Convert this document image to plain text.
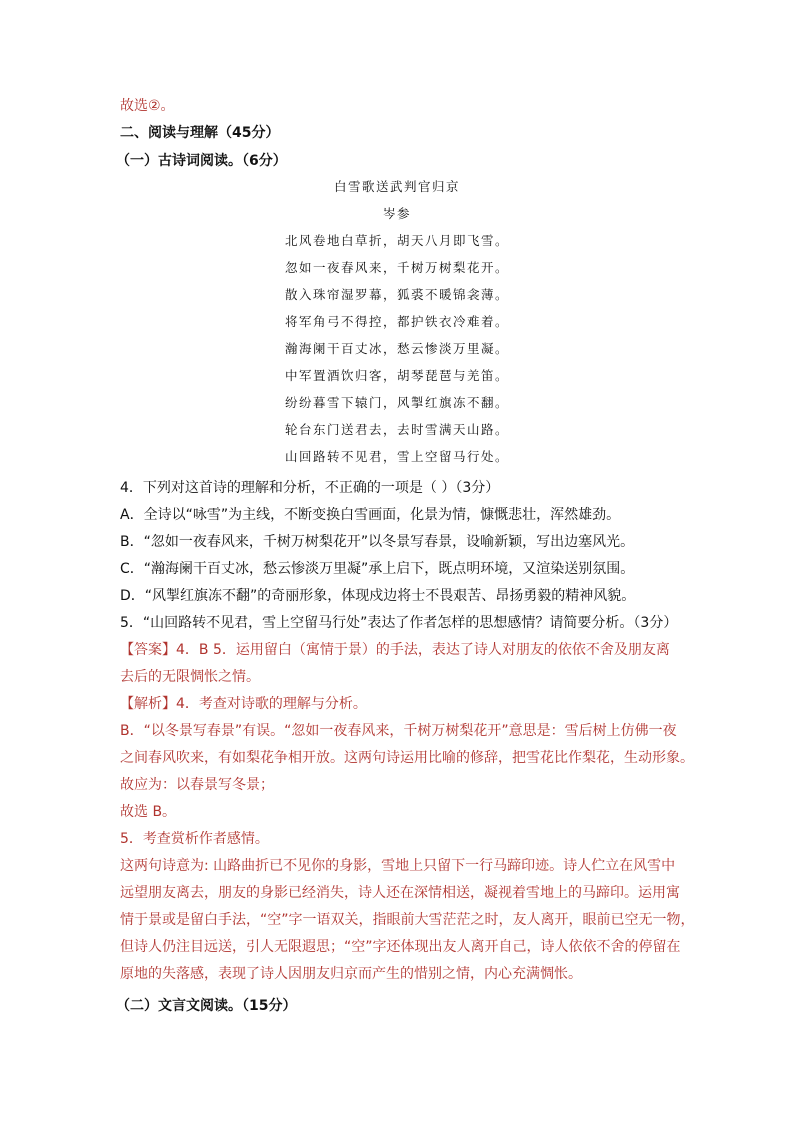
故选②。
二、阅读与理解（45分）
（一）古诗词阅读。（6分）
白雪歌送武判官归京
岑参
北风卷地白草折，胡天八月即飞雪。
忽如一夜春风来，千树万树梨花开。
散入珠帘湿罗幕，狐裘不暖锦衾薄。
将军角弓不得控，都护铁衣冷难着。
瀚海阑干百丈冰，愁云惨淡万里凝。
中军置酒饮归客，胡琴琵琶与羌笛。
纷纷暮雪下辕门，风掣红旗冻不翻。
轮台东门送君去，去时雪满天山路。
山回路转不见君，雪上空留马行处。
4．下列对这首诗的理解和分析，不正确的一项是（ ）（3分）
A．全诗以“咏雪”为主线，不断变换白雪画面，化景为情，慷慨悲壮，浑然雄劲。
B．“忽如一夜春风来，千树万树梨花开”以冬景写春景，设喻新颖，写出边塞风光。
C．“瀚海阑干百丈冰，愁云惨淡万里凝”承上启下，既点明环境，又渲染送别氛围。
D．“风掣红旗冻不翻”的奇丽形象，体现戍边将士不畏艰苦、昂扬勇毅的精神风貌。
5．“山回路转不见君，雪上空留马行处”表达了作者怎样的思想感情？请简要分析。（3分）
【答案】4．B 5．运用留白（寓情于景）的手法，表达了诗人对朋友的依依不舍及朋友离
去后的无限惆怅之情。
【解析】4．考查对诗歌的理解与分析。
B．“以冬景写春景”有误。“忽如一夜春风来，千树万树梨花开”意思是：雪后树上仿佛一夜
之间春风吹来，有如梨花争相开放。这两句诗运用比喻的修辞，把雪花比作梨花，生动形象。
故应为：以春景写冬景；
故选 B。
5．考查赏析作者感情。
这两句诗意为: 山路曲折已不见你的身影，雪地上只留下一行马蹄印迹。诗人伫立在风雪中
远望朋友离去，朋友的身影已经消失，诗人还在深情相送，凝视着雪地上的马蹄印。运用寓
情于景或是留白手法，“空”字一语双关，指眼前大雪茫茫之时，友人离开，眼前已空无一物，
但诗人仍注目远送，引人无限遐思；“空”字还体现出友人离开自己，诗人依依不舍的停留在
原地的失落感，表现了诗人因朋友归京而产生的惜别之情，内心充满惆怅。
（二）文言文阅读。（15分）
